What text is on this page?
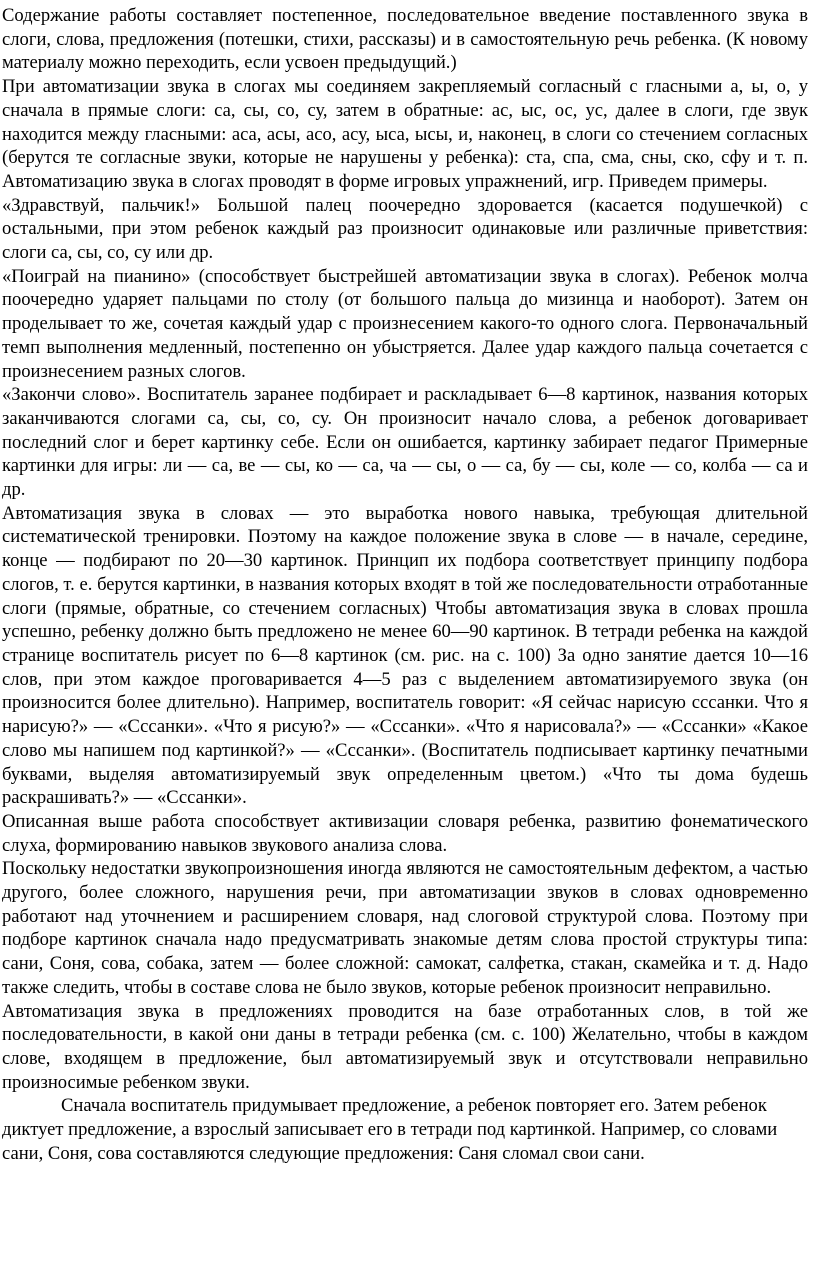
Содержание работы составляет постепенное, последовательное введение поставленного звука в слоги, слова, предложения (потешки, стихи, рассказы) и в самостоятельную речь ребенка. (К новому материалу можно переходить, если усвоен предыдущий.)

При автоматизации звука в слогах мы соединяем закрепляемый согласный с гласными а, ы, о, у сначала в прямые слоги: са, сы, со, су, затем в обратные: ас, ыс, ос, ус, далее в слоги, где звук находится между гласными: аса, асы, асо, асу, ыса, ысы, и, наконец, в слоги со стечением согласных (берутся те согласные звуки, которые не нарушены у ребенка): ста, спа, сма, сны, ско, сфу и т. п. Автоматизацию звука в слогах проводят в форме игровых упражнений, игр. Приведем примеры.

«Здравствуй, пальчик!» Большой палец поочередно здоровается (касается подушечкой) с остальными, при этом ребенок каждый раз произносит одинаковые или различные приветствия: слоги са, сы, со, су или др.

«Поиграй на пианино» (способствует быстрейшей автоматизации звука в слогах). Ребенок молча поочередно ударяет пальцами по столу (от большого пальца до мизинца и наоборот). Затем он проделывает то же, сочетая каждый удар с произнесением какого-то одного слога. Первоначальный темп выполнения медленный, постепенно он убыстряется. Далее удар каждого пальца сочетается с произнесением разных слогов.

«Закончи слово». Воспитатель заранее подбирает и раскладывает 6—8 картинок, названия которых заканчиваются слогами са, сы, со, су. Он произносит начало слова, а ребенок договаривает последний слог и берет картинку себе. Если он ошибается, картинку забирает педагог Примерные картинки для игры: ли — са, ве — сы, ко — са, ча — сы, о — са, бу — сы, коле — со, колба — са и др.

Автоматизация звука в словах — это выработка нового навыка, требующая длительной систематической тренировки. Поэтому на каждое положение звука в слове — в начале, середине, конце — подбирают по 20—30 картинок. Принцип их подбора соответствует принципу подбора слогов, т. е. берутся картинки, в названия которых входят в той же последовательности отработанные слоги (прямые, обратные, со стечением согласных) Чтобы автоматизация звука в словах прошла успешно, ребенку должно быть предложено не менее 60—90 картинок. В тетради ребенка на каждой странице воспитатель рисует по 6—8 картинок (см. рис. на с. 100) За одно занятие дается 10—16 слов, при этом каждое проговаривается 4—5 раз с выделением автоматизируемого звука (он произносится более длительно). Например, воспитатель говорит: «Я сейчас нарисую сссанки. Что я нарисую?» — «Сссанки». «Что я рисую?» — «Сссанки». «Что я нарисовала?» — «Сссанки» «Какое слово мы напишем под картинкой?» — «Сссанки». (Воспитатель подписывает картинку печатными буквами, выделяя автоматизируемый звук определенным цветом.) «Что ты дома будешь раскрашивать?» — «Сссанки».

Описанная выше работа способствует активизации словаря ребенка, развитию фонематического слуха, формированию навыков звукового анализа слова.

Поскольку недостатки звукопроизношения иногда являются не самостоятельным дефектом, а частью другого, более сложного, нарушения речи, при автоматизации звуков в словах одновременно работают над уточнением и расширением словаря, над слоговой структурой слова. Поэтому при подборе картинок сначала надо предусматривать знакомые детям слова простой структуры типа: сани, Соня, сова, собака, затем — более сложной: самокат, салфетка, стакан, скамейка и т. д. Надо также следить, чтобы в составе слова не было звуков, которые ребенок произносит неправильно.

Автоматизация звука в предложениях проводится на базе отработанных слов, в той же последовательности, в какой они даны в тетради ребенка (см. с. 100) Желательно, чтобы в каждом слове, входящем в предложение, был автоматизируемый звук и отсутствовали неправильно произносимые ребенком звуки.

Сначала воспитатель придумывает предложение, а ребенок повторяет его. Затем ребенок диктует предложение, а взрослый записывает его в тетради под картинкой. Например, со словами сани, Соня, сова составляются следующие предложения: Саня сломал свои сани.
